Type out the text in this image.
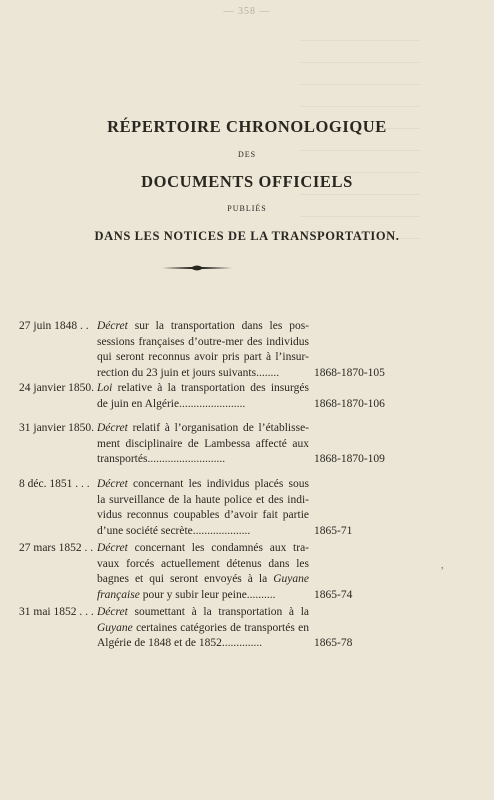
— 358 —
RÉPERTOIRE CHRONOLOGIQUE
DES
DOCUMENTS OFFICIELS
PUBLIÉS
DANS LES NOTICES DE LA TRANSPORTATION.
27 juin 1848 . . Décret sur la transportation dans les pos-
sessions françaises d’outre-mer des individus
qui seront reconnus avoir pris part à l’insur-
rection du 23 juin et jours suivants........	1868-1870-105
24 janvier 1850. Loi relative à la transportation des insurgés
de juin en Algérie.......................	1868-1870-106
31 janvier 1850. Décret relatif à l’organisation de l’établisse-
ment disciplinaire de Lambessa affecté aux
transportés...........................	1868-1870-109
8 déc. 1851 . . . Décret concernant les individus placés sous
la surveillance de la haute police et des indi-
vidus reconnus coupables d’avoir fait partie
d’une société secrète....................	1865-71
27 mars 1852 . . Décret concernant les condamnés aux tra-
vaux forcés actuellement détenus dans les
bagnes et qui seront envoyés à la Guyane
française pour y subir leur peine..........	1865-74
31 mai 1852 . . . Décret soumettant à la transportation à la
Guyane certaines catégories de transportés en
Algérie de 1848 et de 1852..............	1865-78
,
